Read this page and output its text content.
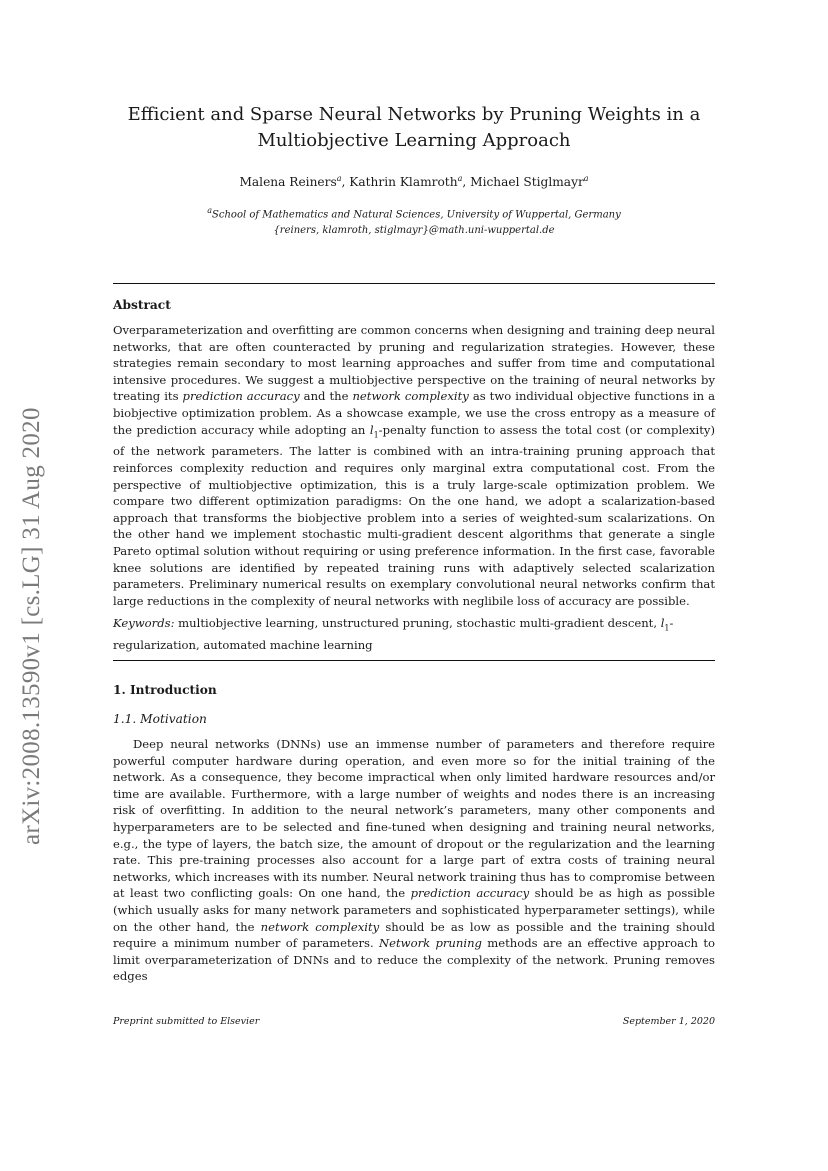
arXiv:2008.13590v1 [cs.LG] 31 Aug 2020
Efficient and Sparse Neural Networks by Pruning Weights in a
Multiobjective Learning Approach
Malena Reiners$^a$, Kathrin Klamroth$^a$, Michael Stiglmayr$^a$
$^a$School of Mathematics and Natural Sciences, University of Wuppertal, Germany
{reiners, klamroth, stiglmayr}@math.uni-wuppertal.de
Abstract

Overparameterization and overfitting are common concerns when designing and training deep neural networks, that are often counteracted by pruning and regularization strategies. However, these strategies remain secondary to most learning approaches and suffer from time and computational intensive procedures. We suggest a multiobjective perspective on the training of neural networks by treating its prediction accuracy and the network complexity as two individual objective functions in a biobjective optimization problem. As a showcase example, we use the cross entropy as a measure of the prediction accuracy while adopting an $l_1$-penalty function to assess the total cost (or complexity) of the network parameters. The latter is combined with an intra-training pruning approach that reinforces complexity reduction and requires only marginal extra computational cost. From the perspective of multiobjective optimization, this is a truly large-scale optimization problem. We compare two different optimization paradigms: On the one hand, we adopt a scalarization-based approach that transforms the biobjective problem into a series of weighted-sum scalarizations. On the other hand we implement stochastic multi-gradient descent algorithms that generate a single Pareto optimal solution without requiring or using preference information. In the first case, favorable knee solutions are identified by repeated training runs with adaptively selected scalarization parameters. Preliminary numerical results on exemplary convolutional neural networks confirm that large reductions in the complexity of neural networks with neglibile loss of accuracy are possible.

Keywords: multiobjective learning, unstructured pruning, stochastic multi-gradient descent, $l_1$-regularization, automated machine learning

1. Introduction
1.1. Motivation

Deep neural networks (DNNs) use an immense number of parameters and therefore require powerful computer hardware during operation, and even more so for the initial training of the network. As a consequence, they become impractical when only limited hardware resources and/or time are available. Furthermore, with a large number of weights and nodes there is an increasing risk of overfitting. In addition to the neural network’s parameters, many other components and hyperparameters are to be selected and fine-tuned when designing and training neural networks, e.g., the type of layers, the batch size, the amount of dropout or the regularization and the learning rate. This pre-training processes also account for a large part of extra costs of training neural networks, which increases with its number. Neural network training thus has to compromise between at least two conflicting goals: On one hand, the prediction accuracy should be as high as possible (which usually asks for many network parameters and sophisticated hyperparameter settings), while on the other hand, the network complexity should be as low as possible and the training should require a minimum number of parameters. Network pruning methods are an effective approach to limit overparameterization of DNNs and to reduce the complexity of the network. Pruning removes edges

Preprint submitted to Elsevier	September 1, 2020
